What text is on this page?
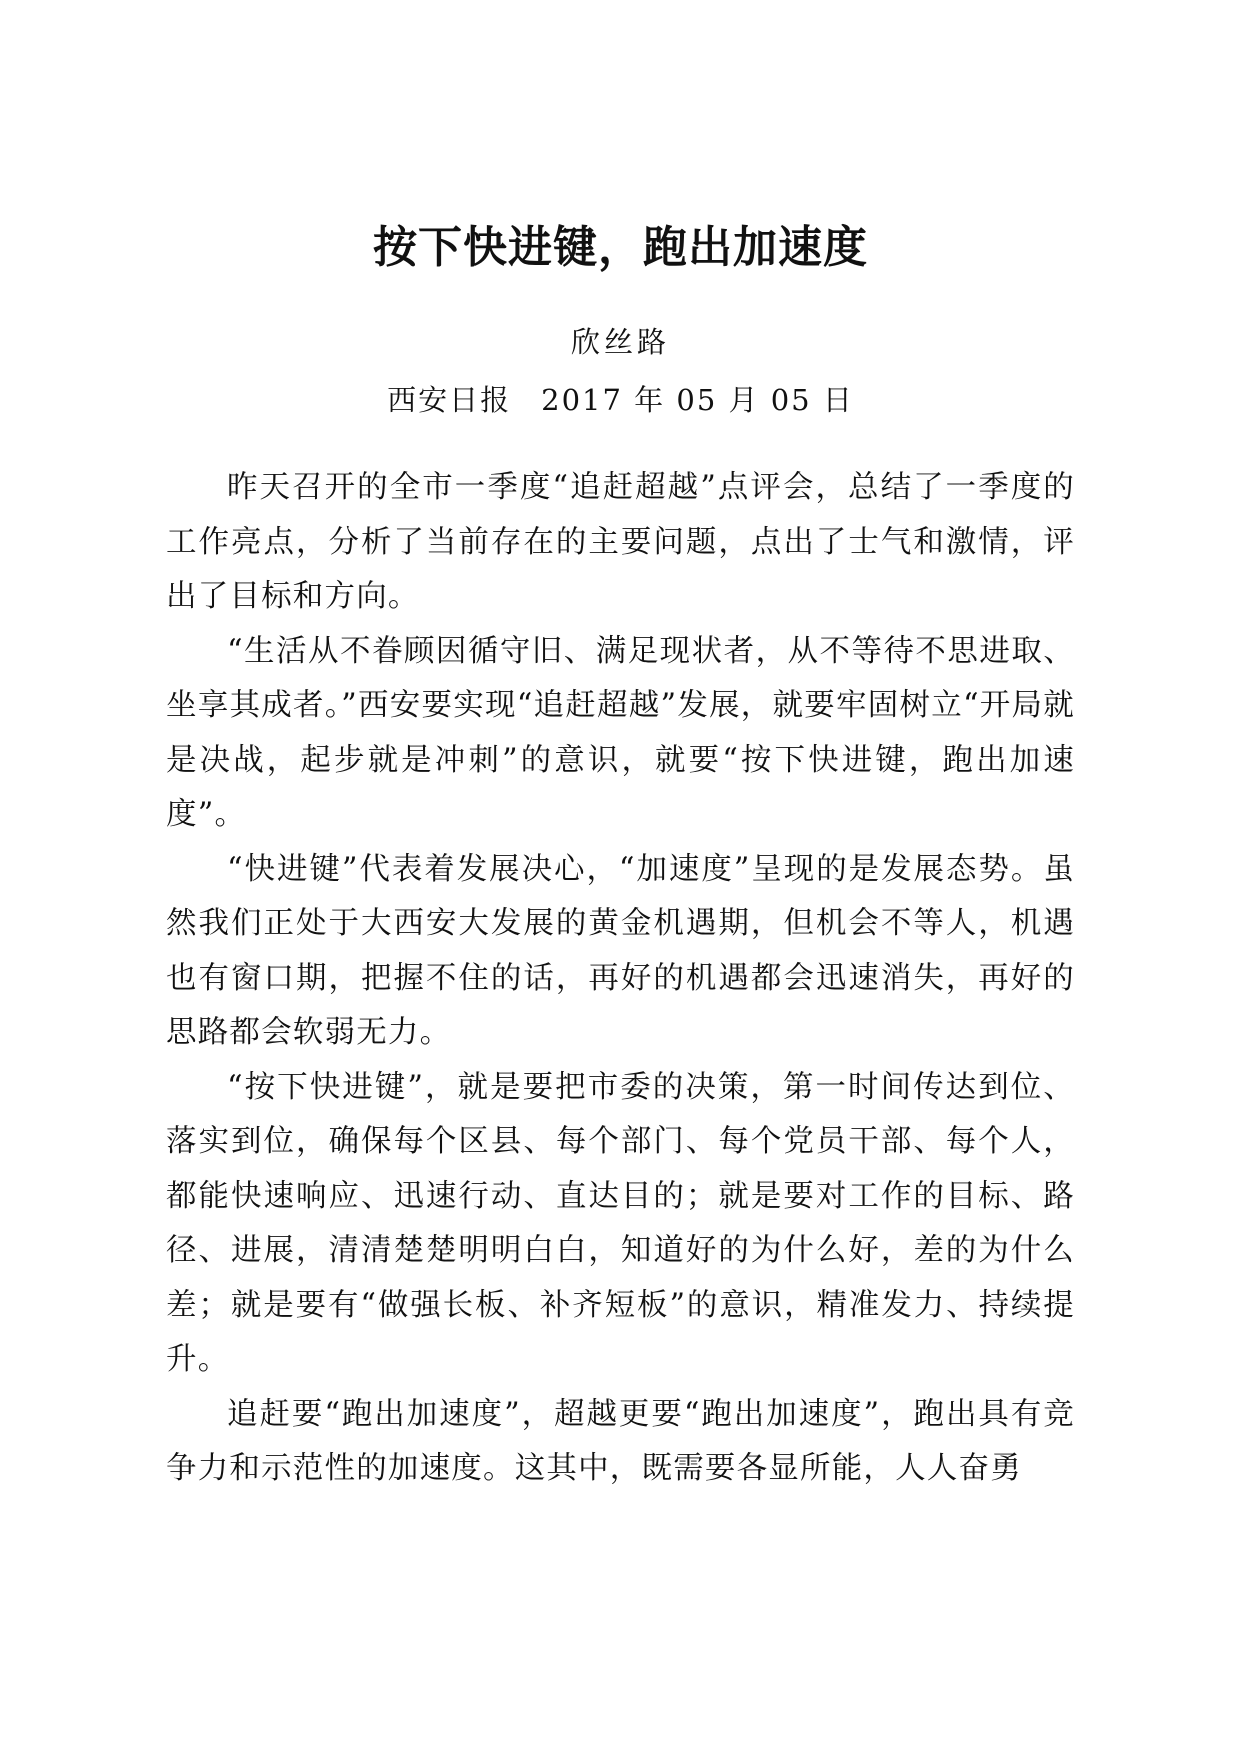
按下快进键，跑出加速度
欣丝路
西安日报 2017 年 05 月 05 日

昨天召开的全市一季度“追赶超越”点评会，总结了一季度的工作亮点，分析了当前存在的主要问题，点出了士气和激情，评出了目标和方向。

“生活从不眷顾因循守旧、满足现状者，从不等待不思进取、坐享其成者。”西安要实现“追赶超越”发展，就要牢固树立“开局就是决战，起步就是冲刺”的意识，就要“按下快进键，跑出加速度”。

“快进键”代表着发展决心，“加速度”呈现的是发展态势。虽然我们正处于大西安大发展的黄金机遇期，但机会不等人，机遇也有窗口期，把握不住的话，再好的机遇都会迅速消失，再好的思路都会软弱无力。

“按下快进键”，就是要把市委的决策，第一时间传达到位、落实到位，确保每个区县、每个部门、每个党员干部、每个人，都能快速响应、迅速行动、直达目的；就是要对工作的目标、路径、进展，清清楚楚明明白白，知道好的为什么好，差的为什么差；就是要有“做强长板、补齐短板”的意识，精准发力、持续提升。

追赶要“跑出加速度”，超越更要“跑出加速度”，跑出具有竞争力和示范性的加速度。这其中，既需要各显所能，人人奋勇
